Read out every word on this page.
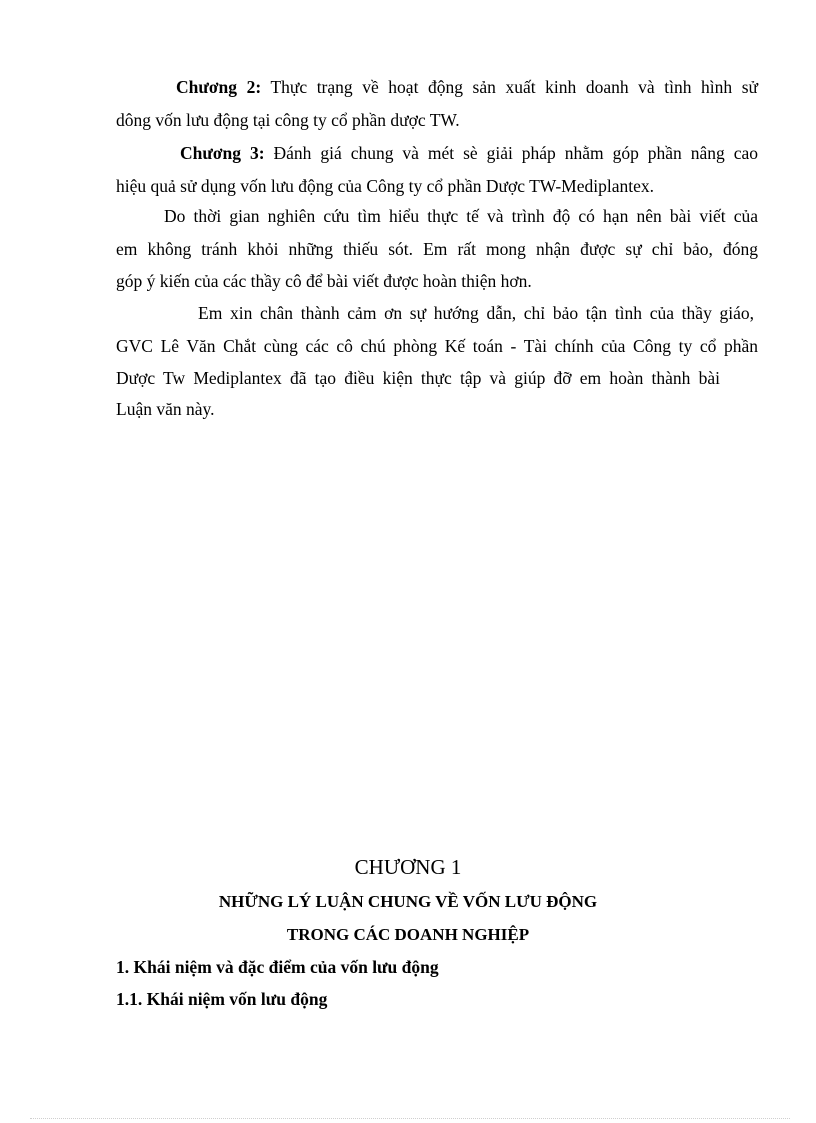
Chương 2: Thực trạng về hoạt động sản xuất kinh doanh và tình hình sử
dông vốn lưu động tại công ty cổ phần dược TW.
Chương 3: Đánh giá chung và mét sè giải pháp nhằm góp phần nâng cao
hiệu quả sử dụng vốn lưu động của Công ty cổ phần Dược TW-Mediplantex.
Do thời gian nghiên cứu tìm hiểu thực tế và trình độ có hạn nên bài viết của
em không tránh khỏi những thiếu sót. Em rất mong nhận được sự chỉ bảo, đóng
góp ý kiến của các thầy cô để bài viết được hoàn thiện hơn.
Em xin chân thành cảm ơn sự hướng dẫn, chỉ bảo tận tình của thầy giáo,
GVC Lê Văn Chắt cùng các cô chú phòng Kế toán - Tài chính của Công ty cổ phần
Dược Tw Mediplantex đã tạo điều kiện thực tập và giúp đỡ em hoàn thành bài
Luận văn này.
CHƯƠNG 1
NHỮNG LÝ LUẬN CHUNG VỀ VỐN LƯU ĐỘNG
TRONG CÁC DOANH NGHIỆP
1. Khái niệm và đặc điểm của vốn lưu động
1.1. Khái niệm vốn lưu động
